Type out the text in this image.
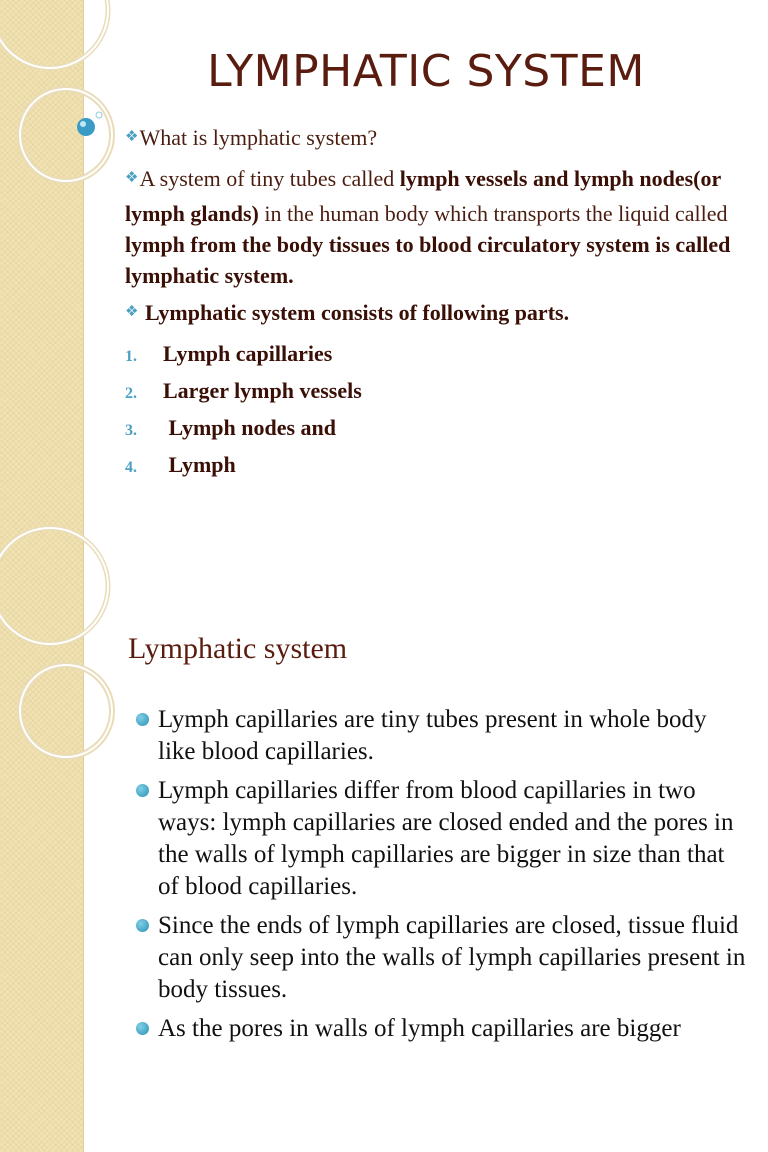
LYMPHATIC SYSTEM

❖What is lymphatic system?

❖A system of tiny tubes called lymph vessels and lymph nodes(or lymph glands) in the human body which transports the liquid called lymph from the body tissues to blood circulatory system is called lymphatic system.

❖ Lymphatic system consists of following parts.

1.	Lymph capillaries
2.	Larger lymph vessels
3.	Lymph nodes and
4.	Lymph
Lymphatic system
Lymph capillaries are tiny tubes present in whole body like blood capillaries.
Lymph capillaries differ from blood capillaries in two ways: lymph capillaries are closed ended and the pores in the walls of lymph capillaries are bigger in size than that of blood capillaries.
Since the ends of lymph capillaries are closed, tissue fluid can only seep into the walls of lymph capillaries present in body tissues.
As the pores in walls of lymph capillaries are bigger
